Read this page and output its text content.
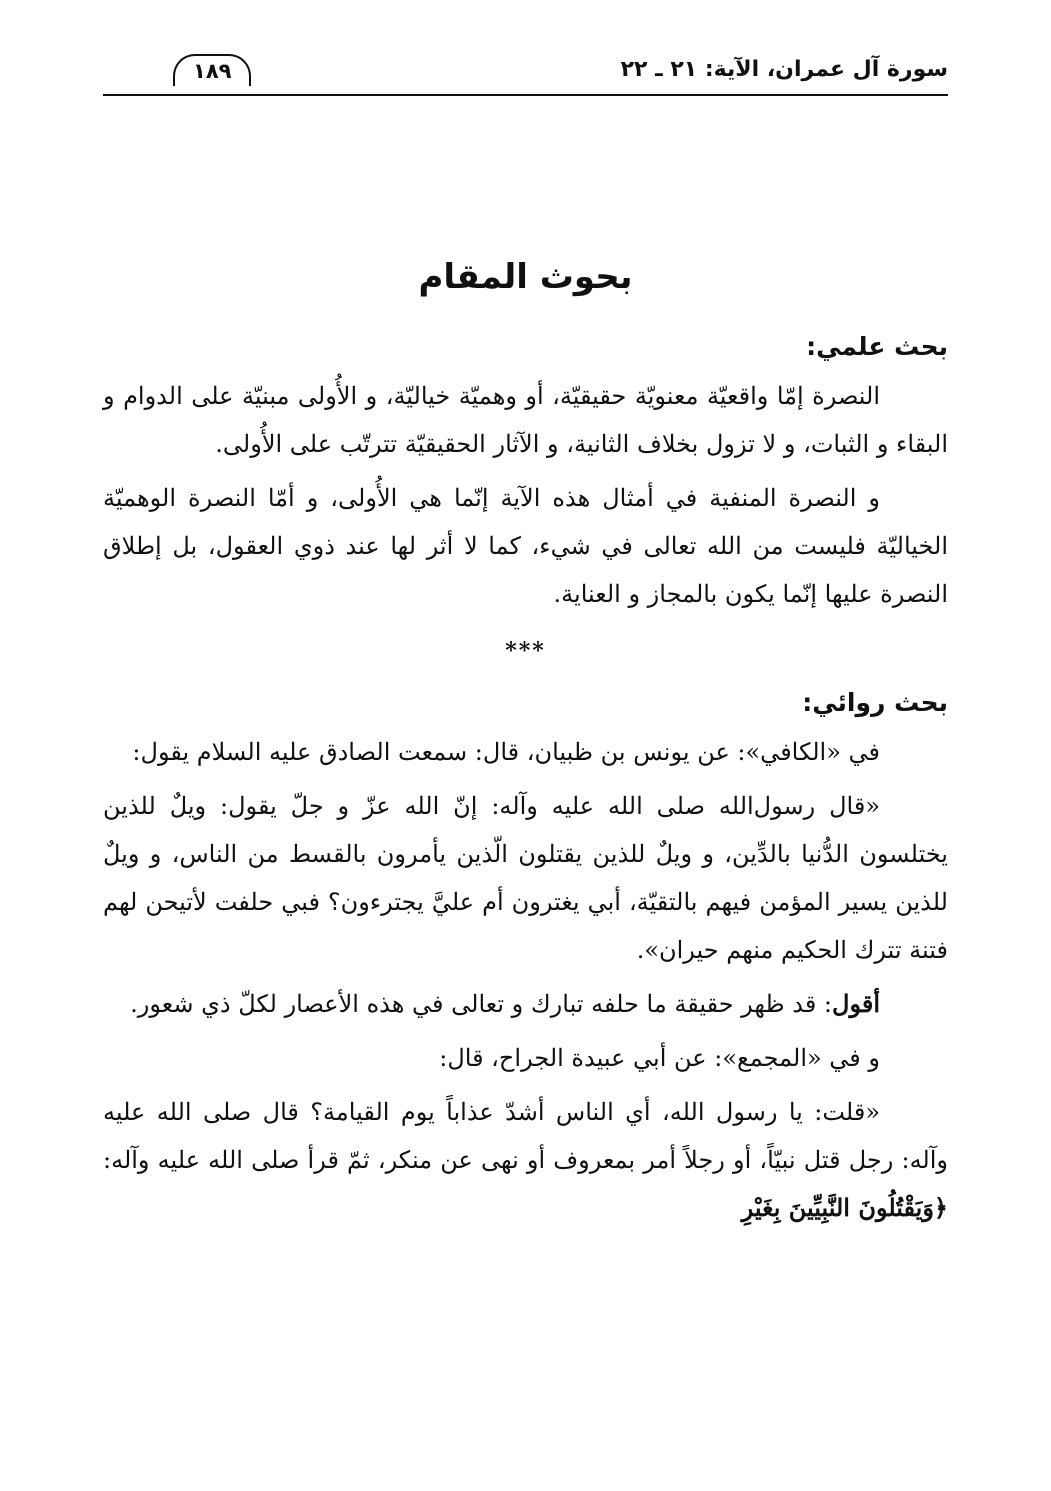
سورة آل عمران، الآية: ٢١ ـ ٢٢
١٨٩
بحوث المقام
بحث علمي:

النصرة إمّا واقعيّة معنويّة حقيقيّة، أو وهميّة خياليّة، و الأُولى مبنيّة على الدوام و البقاء و الثبات، و لا تزول بخلاف الثانية، و الآثار الحقيقيّة تترتّب على الأُولى.

و النصرة المنفية في أمثال هذه الآية إنّما هي الأُولى، و أمّا النصرة الوهميّة الخياليّة فليست من الله تعالى في شيء، كما لا أثر لها عند ذوي العقول، بل إطلاق النصرة عليها إنّما يكون بالمجاز و العناية.

***
بحث روائي:

في «الكافي»: عن يونس بن ظبيان، قال: سمعت الصادق عليه السلام يقول:

«قال رسول‌الله صلى الله عليه وآله: إنّ الله عزّ و جلّ يقول: ويلٌ للذين يختلسون الدُّنيا بالدِّين، و ويلٌ للذين يقتلون الّذين يأمرون بالقسط من الناس، و ويلٌ للذين يسير المؤمن فيهم بالتقيّة، أبي يغترون أم عليَّ يجترءون؟ فبي حلفت لأتيحن لهم فتنة تترك الحكيم منهم حيران».

أقول: قد ظهر حقيقة ما حلفه تبارك و تعالى في هذه الأعصار لكلّ ذي شعور.

و في «المجمع»: عن أبي عبيدة الجراح، قال:

«قلت: يا رسول الله، أي الناس أشدّ عذاباً يوم القيامة؟ قال صلى الله عليه وآله: رجل قتل نبيّاً، أو رجلاً أمر بمعروف أو نهى عن منكر، ثمّ قرأ صلى الله عليه وآله: ﴿وَيَقْتُلُونَ النَّبِيِّينَ بِغَيْرِ
